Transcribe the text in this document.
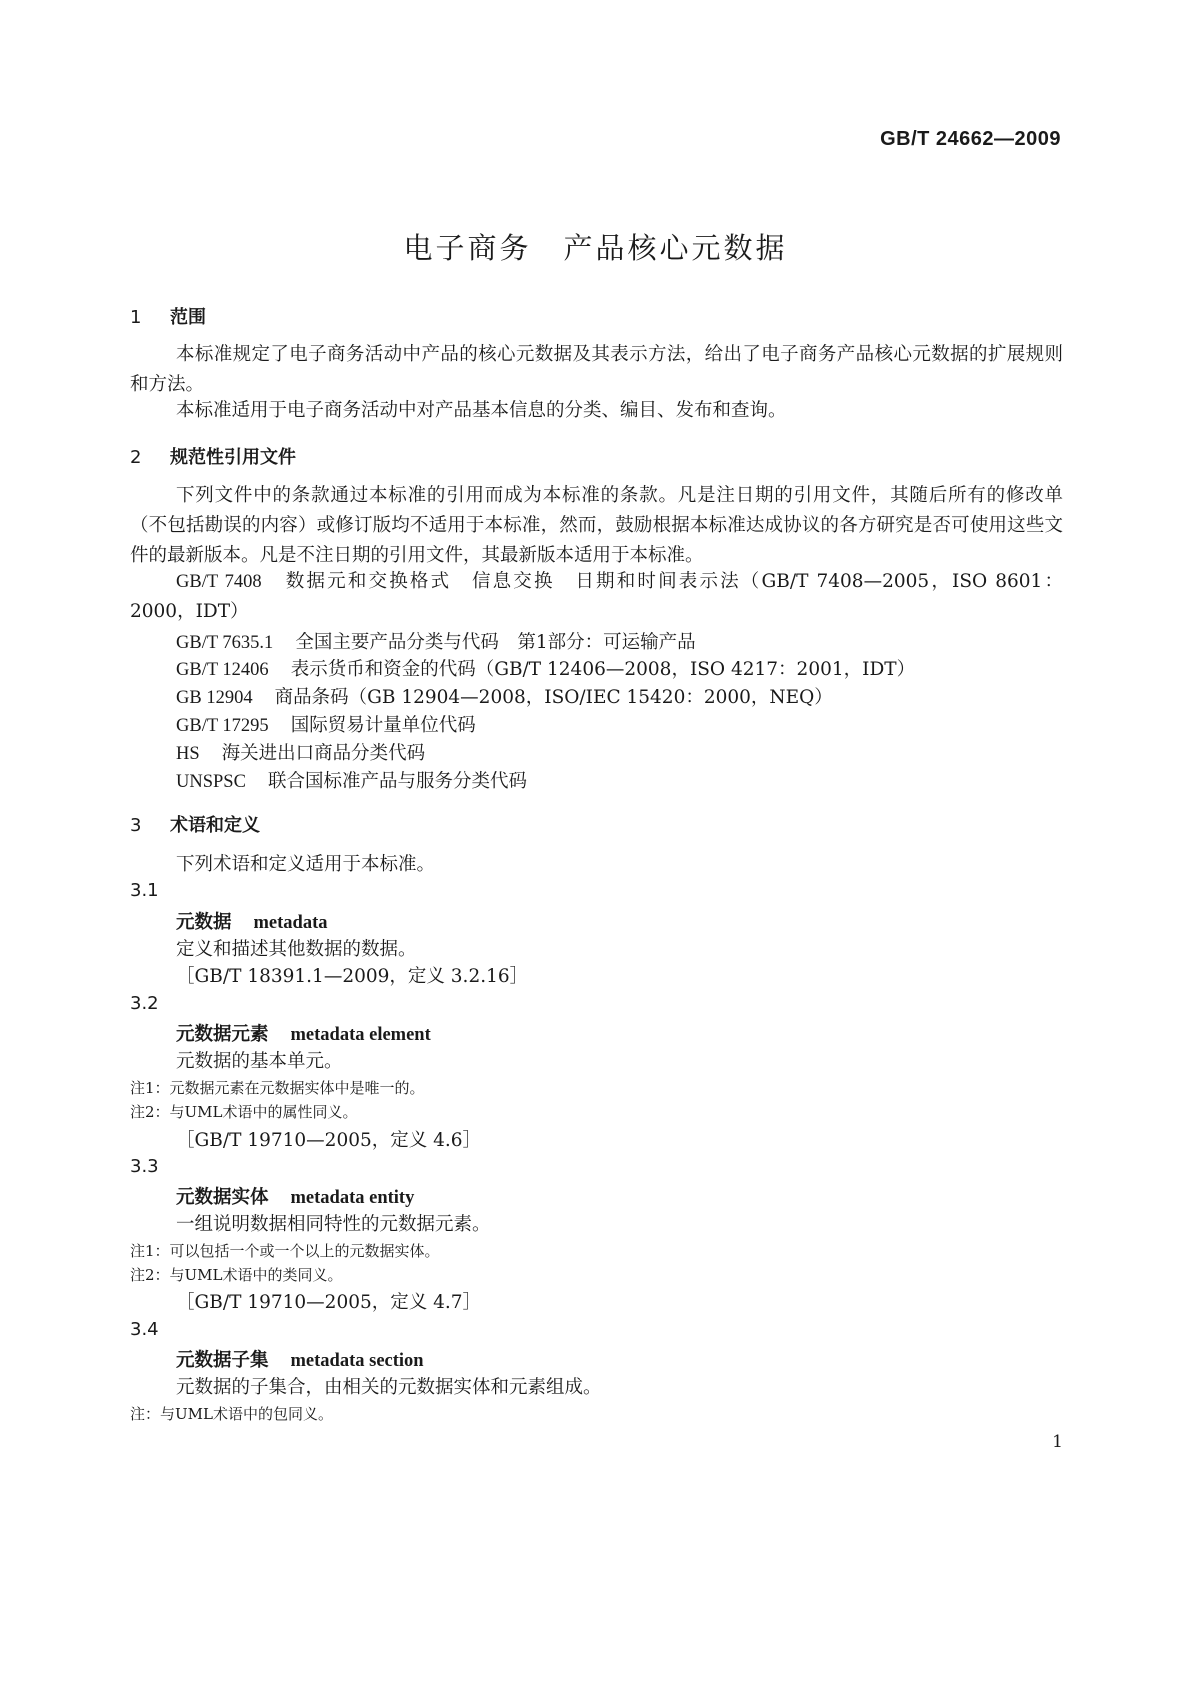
GB/T 24662—2009
电子商务　产品核心元数据
1 范围
本标准规定了电子商务活动中产品的核心元数据及其表示方法，给出了电子商务产品核心元数据的扩展规则和方法。
本标准适用于电子商务活动中对产品基本信息的分类、编目、发布和查询。
2 规范性引用文件
下列文件中的条款通过本标准的引用而成为本标准的条款。凡是注日期的引用文件，其随后所有的修改单（不包括勘误的内容）或修订版均不适用于本标准，然而，鼓励根据本标准达成协议的各方研究是否可使用这些文件的最新版本。凡是不注日期的引用文件，其最新版本适用于本标准。
GB/T 7408 数据元和交换格式　信息交换　日期和时间表示法（GB/T 7408—2005，ISO 8601：2000，IDT）
GB/T 7635.1 全国主要产品分类与代码　第1部分：可运输产品
GB/T 12406 表示货币和资金的代码（GB/T 12406—2008，ISO 4217：2001，IDT）
GB 12904 商品条码（GB 12904—2008，ISO/IEC 15420：2000，NEQ）
GB/T 17295 国际贸易计量单位代码
HS 海关进出口商品分类代码
UNSPSC 联合国标准产品与服务分类代码
3 术语和定义
下列术语和定义适用于本标准。
3.1
元数据 metadata
定义和描述其他数据的数据。
［GB/T 18391.1—2009，定义 3.2.16］
3.2
元数据元素 metadata element
元数据的基本单元。
注1：元数据元素在元数据实体中是唯一的。
注2：与UML术语中的属性同义。
［GB/T 19710—2005，定义 4.6］
3.3
元数据实体 metadata entity
一组说明数据相同特性的元数据元素。
注1：可以包括一个或一个以上的元数据实体。
注2：与UML术语中的类同义。
［GB/T 19710—2005，定义 4.7］
3.4
元数据子集 metadata section
元数据的子集合，由相关的元数据实体和元素组成。
注：与UML术语中的包同义。
1
